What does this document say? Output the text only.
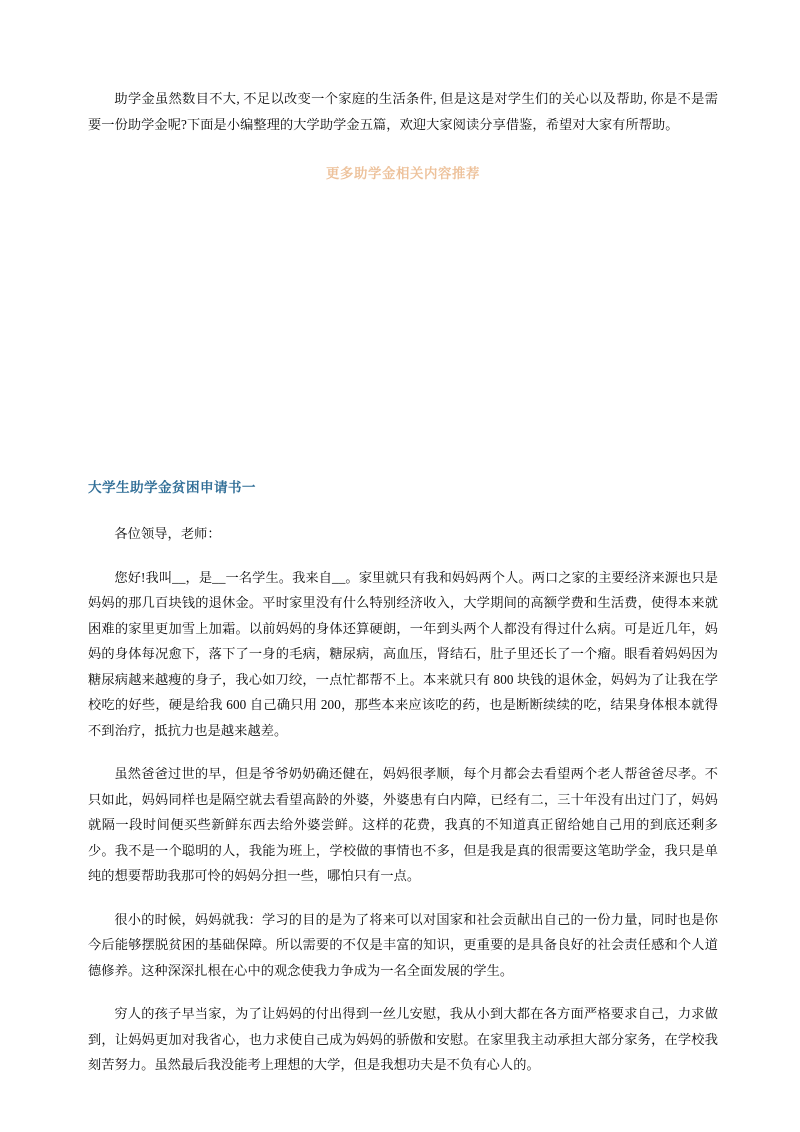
助学金虽然数目不大, 不足以改变一个家庭的生活条件, 但是这是对学生们的关心以及帮助, 你是不是需要一份助学金呢?下面是小编整理的大学助学金五篇，欢迎大家阅读分享借鉴，希望对大家有所帮助。

更多助学金相关内容推荐

大学生助学金贫困申请书一

各位领导，老师：

您好!我叫__，是__一名学生。我来自__。家里就只有我和妈妈两个人。两口之家的主要经济来源也只是妈妈的那几百块钱的退休金。平时家里没有什么特别经济收入，大学期间的高额学费和生活费，使得本来就困难的家里更加雪上加霜。以前妈妈的身体还算硬朗，一年到头两个人都没有得过什么病。可是近几年，妈妈的身体每况愈下，落下了一身的毛病，糖尿病，高血压，肾结石，肚子里还长了一个瘤。眼看着妈妈因为糖尿病越来越瘦的身子，我心如刀绞，一点忙都帮不上。本来就只有 800 块钱的退休金，妈妈为了让我在学校吃的好些，硬是给我 600 自己确只用 200，那些本来应该吃的药，也是断断续续的吃，结果身体根本就得不到治疗，抵抗力也是越来越差。

虽然爸爸过世的早，但是爷爷奶奶确还健在，妈妈很孝顺，每个月都会去看望两个老人帮爸爸尽孝。不只如此，妈妈同样也是隔空就去看望高龄的外婆，外婆患有白内障，已经有二，三十年没有出过门了，妈妈就隔一段时间便买些新鲜东西去给外婆尝鲜。这样的花费，我真的不知道真正留给她自己用的到底还剩多少。我不是一个聪明的人，我能为班上，学校做的事情也不多，但是我是真的很需要这笔助学金，我只是单纯的想要帮助我那可怜的妈妈分担一些，哪怕只有一点。

很小的时候，妈妈就我：学习的目的是为了将来可以对国家和社会贡献出自己的一份力量，同时也是你今后能够摆脱贫困的基础保障。所以需要的不仅是丰富的知识，更重要的是具备良好的社会责任感和个人道德修养。这种深深扎根在心中的观念使我力争成为一名全面发展的学生。

穷人的孩子早当家，为了让妈妈的付出得到一丝儿安慰，我从小到大都在各方面严格要求自己，力求做到，让妈妈更加对我省心，也力求使自己成为妈妈的骄傲和安慰。在家里我主动承担大部分家务，在学校我刻苦努力。虽然最后我没能考上理想的大学，但是我想功夫是不负有心人的。
